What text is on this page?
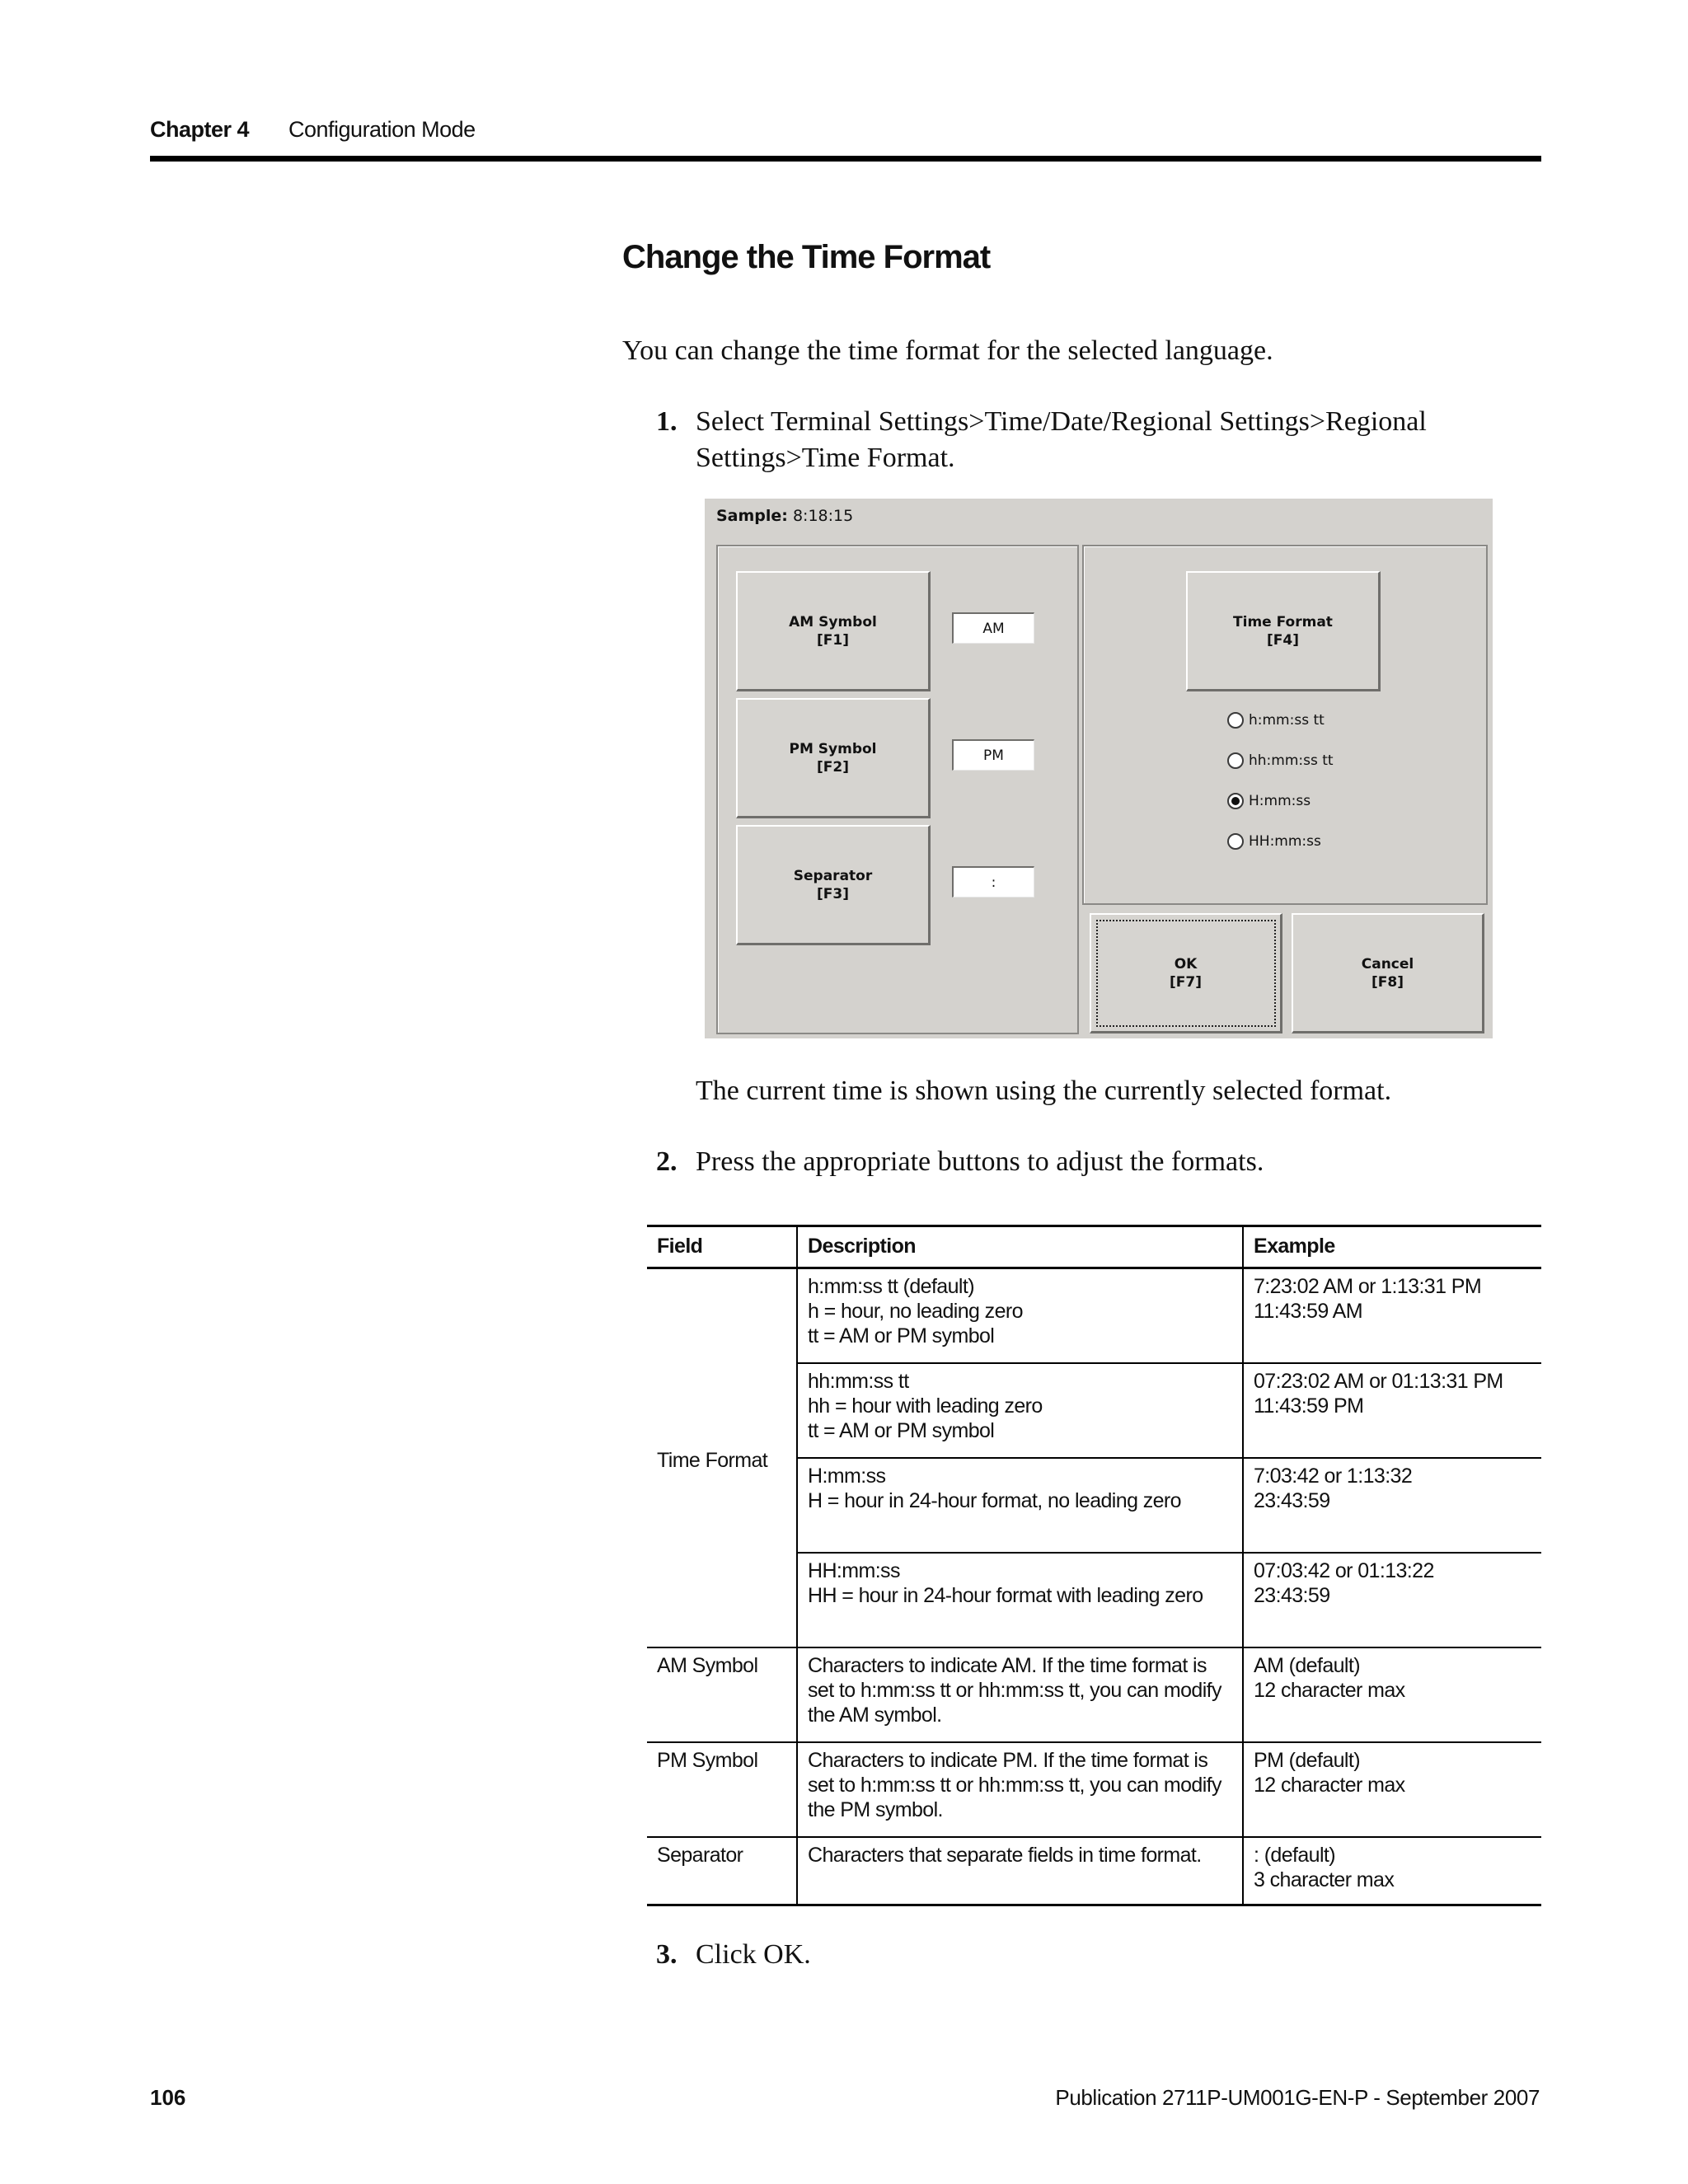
Chapter 4 Configuration Mode
Change the Time Format
You can change the time format for the selected language.
1. Select Terminal Settings>Time/Date/Regional Settings>Regional Settings>Time Format.
Sample: 8:18:15
AM Symbol
[F1]
AM
PM Symbol
[F2]
PM
Separator
[F3]
:
Time Format
[F4]
h:mm:ss tt
hh:mm:ss tt
H:mm:ss
HH:mm:ss
OK
[F7]
Cancel
[F8]
The current time is shown using the currently selected format.
2. Press the appropriate buttons to adjust the formats.
Field	Description	Example
Time Format	h:mm:ss tt (default)
h = hour, no leading zero
tt = AM or PM symbol	7:23:02 AM or 1:13:31 PM
11:43:59 AM

	hh:mm:ss tt
hh = hour with leading zero
tt = AM or PM symbol	07:23:02 AM or 01:13:31 PM
11:43:59 PM

	H:mm:ss
H = hour in 24-hour format, no leading zero	7:03:42 or 1:13:32
23:43:59

	HH:mm:ss
HH = hour in 24-hour format with leading zero	07:03:42 or 01:13:22
23:43:59

AM Symbol	Characters to indicate AM. If the time format is
set to h:mm:ss tt or hh:mm:ss tt, you can modify
the AM symbol.	AM (default)
12 character max

PM Symbol	Characters to indicate PM. If the time format is
set to h:mm:ss tt or hh:mm:ss tt, you can modify
the PM symbol.	PM (default)
12 character max

Separator	Characters that separate fields in time format.	: (default)
3 character max
3. Click OK.
106	Publication 2711P-UM001G-EN-P - September 2007
